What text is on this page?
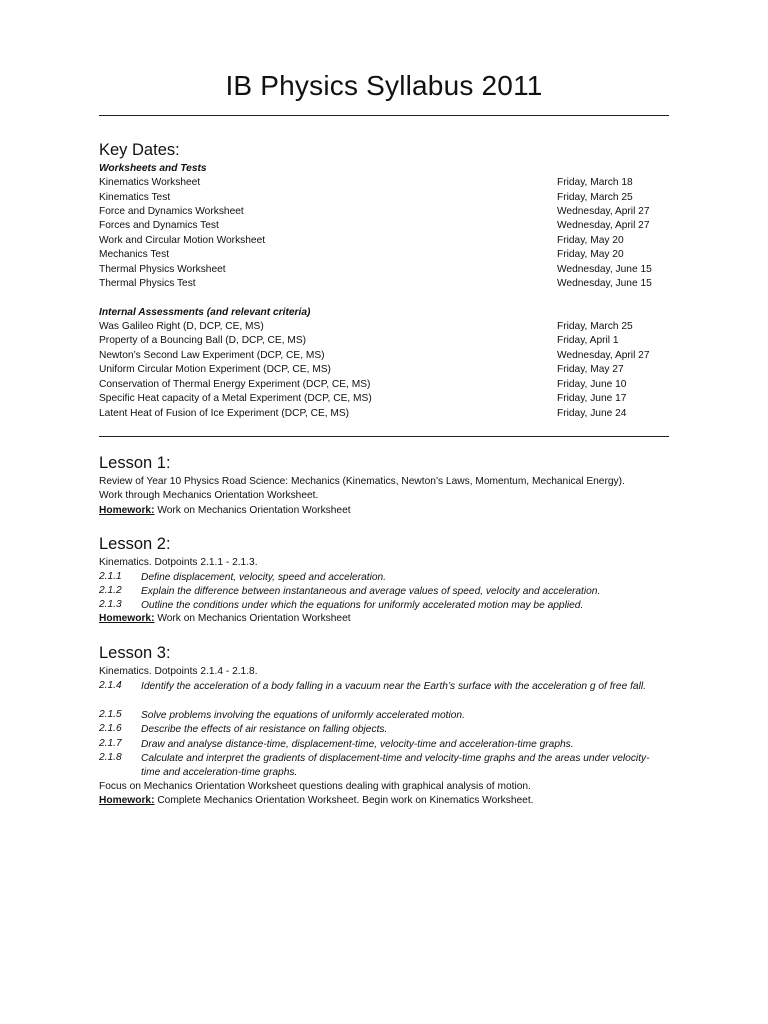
IB Physics Syllabus 2011
Key Dates:
Worksheets and Tests
Kinematics Worksheet	Friday, March 18
Kinematics Test	Friday, March 25
Force and Dynamics Worksheet	Wednesday, April 27
Forces and Dynamics Test	Wednesday, April 27
Work and Circular Motion Worksheet	Friday, May 20
Mechanics Test	Friday, May 20
Thermal Physics Worksheet	Wednesday, June 15
Thermal Physics Test	Wednesday, June 15
Internal Assessments (and relevant criteria)
Was Galileo Right (D, DCP, CE, MS)	Friday, March 25
Property of a Bouncing Ball (D, DCP, CE, MS)	Friday, April 1
Newton’s Second Law Experiment (DCP, CE, MS)	Wednesday, April 27
Uniform Circular Motion Experiment (DCP, CE, MS)	Friday, May 27
Conservation of Thermal Energy Experiment (DCP, CE, MS)	Friday, June 10
Specific Heat capacity of a Metal Experiment (DCP, CE, MS)	Friday, June 17
Latent Heat of Fusion of Ice Experiment (DCP, CE, MS)	Friday, June 24
Lesson 1:
Review of Year 10 Physics Road Science: Mechanics (Kinematics, Newton’s Laws, Momentum, Mechanical Energy).
Work through Mechanics Orientation Worksheet.
Homework: Work on Mechanics Orientation Worksheet
Lesson 2:
Kinematics. Dotpoints 2.1.1 - 2.1.3.
2.1.1 Define displacement, velocity, speed and acceleration.
2.1.2 Explain the difference between instantaneous and average values of speed, velocity and acceleration.
2.1.3 Outline the conditions under which the equations for uniformly accelerated motion may be applied.
Homework: Work on Mechanics Orientation Worksheet
Lesson 3:
Kinematics. Dotpoints 2.1.4 - 2.1.8.
2.1.4 Identify the acceleration of a body falling in a vacuum near the Earth’s surface with the acceleration g of free fall.
2.1.5 Solve problems involving the equations of uniformly accelerated motion.
2.1.6 Describe the effects of air resistance on falling objects.
2.1.7 Draw and analyse distance-time, displacement-time, velocity-time and acceleration-time graphs.
2.1.8 Calculate and interpret the gradients of displacement-time and velocity-time graphs and the areas under velocity-time and acceleration-time graphs.
Focus on Mechanics Orientation Worksheet questions dealing with graphical analysis of motion.
Homework: Complete Mechanics Orientation Worksheet. Begin work on Kinematics Worksheet.
